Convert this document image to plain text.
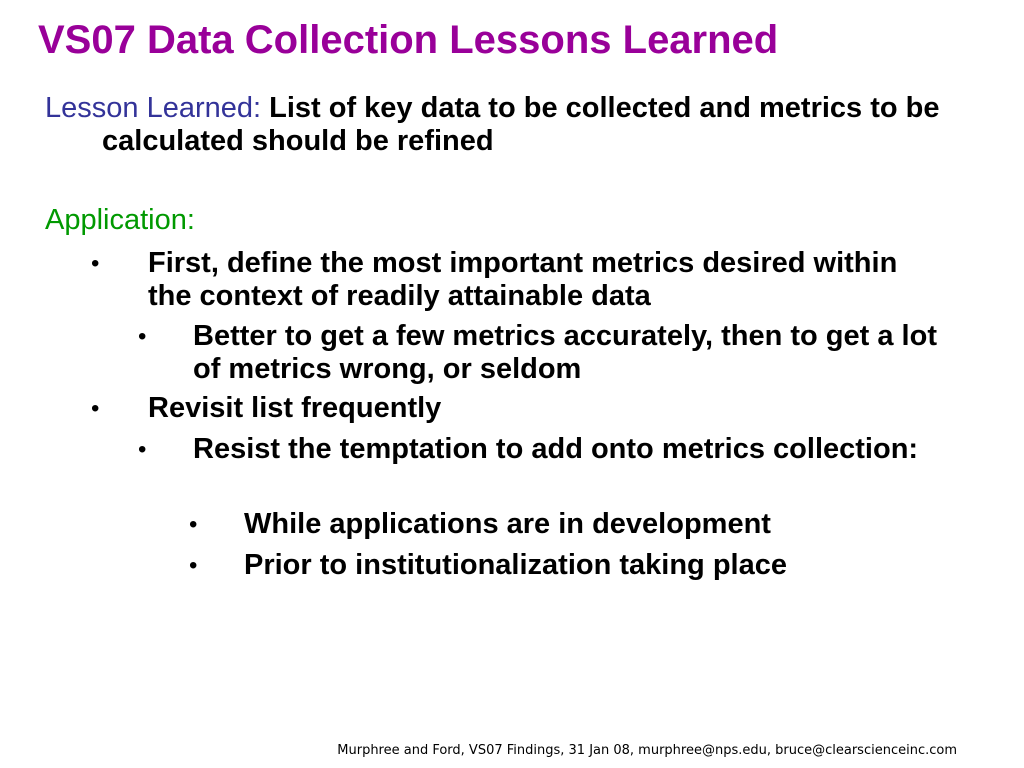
VS07 Data Collection Lessons Learned
Lesson Learned: List of key data to be collected and metrics to be calculated should be refined
Application:
• First, define the most important metrics desired within the context of readily attainable data
• Better to get a few metrics accurately, then to get a lot of metrics wrong, or seldom
• Revisit list frequently
• Resist the temptation to add onto metrics collection:
• While applications are in development
• Prior to institutionalization taking place
Murphree and Ford, VS07 Findings, 31 Jan 08, murphree@nps.edu, bruce@clearscienceinc.com
